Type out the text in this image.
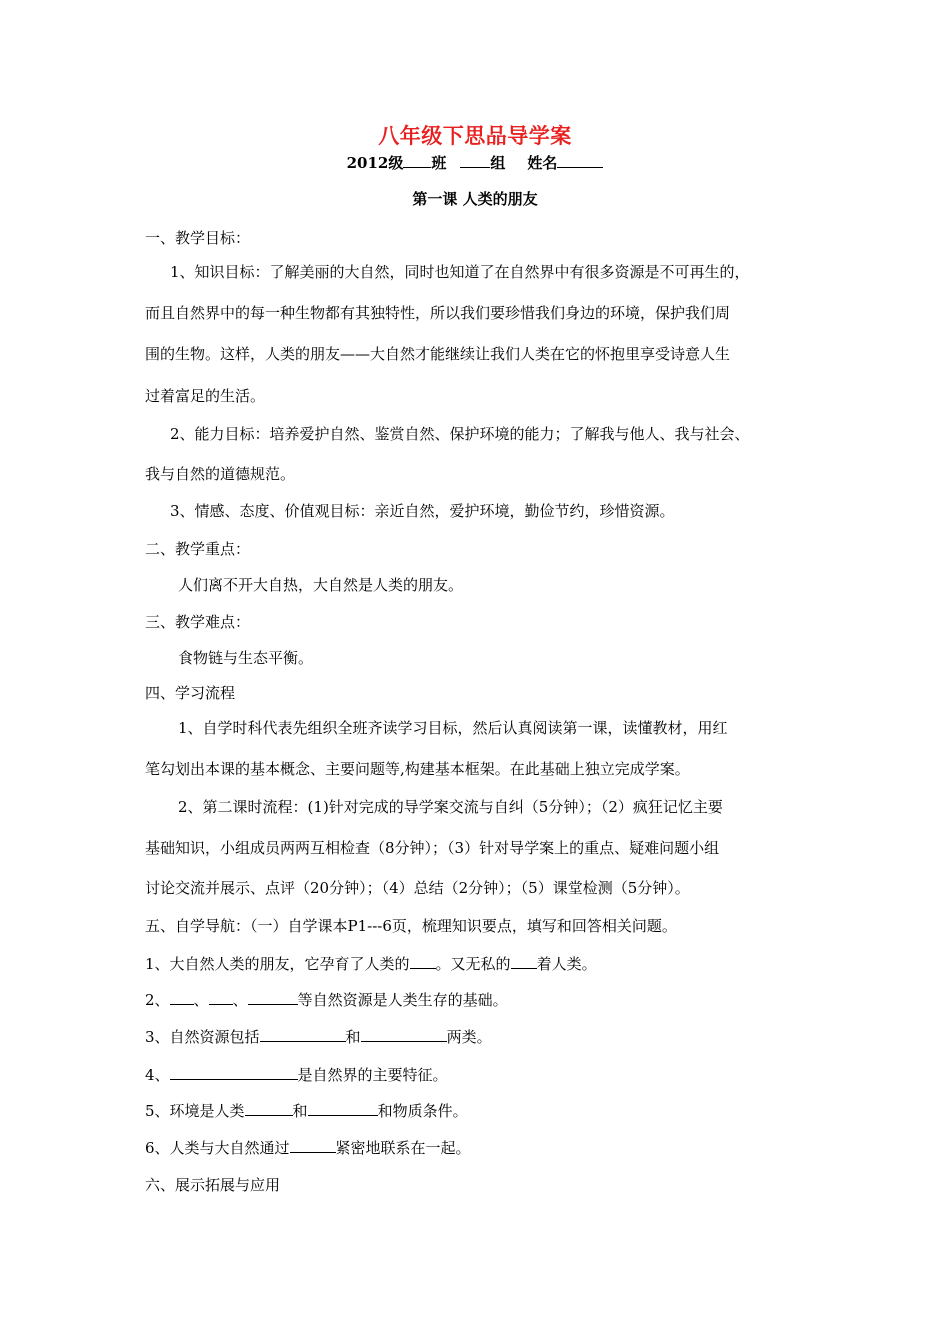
八年级下思品导学案
2012级 班	组 姓名
第一课 人类的朋友
一、教学目标：
1、知识目标：了解美丽的大自然，同时也知道了在自然界中有很多资源是不可再生的，
而且自然界中的每一种生物都有其独特性，所以我们要珍惜我们身边的环境，保护我们周
围的生物。这样，人类的朋友——大自然才能继续让我们人类在它的怀抱里享受诗意人生
过着富足的生活。
2、能力目标：培养爱护自然、鉴赏自然、保护环境的能力；了解我与他人、我与社会、
我与自然的道德规范。
3、情感、态度、价值观目标：亲近自然，爱护环境，勤俭节约，珍惜资源。
二、教学重点：
人们离不开大自热，大自然是人类的朋友。
三、教学难点：
食物链与生态平衡。
四、学习流程
1、自学时科代表先组织全班齐读学习目标，然后认真阅读第一课，读懂教材，用红
笔勾划出本课的基本概念、主要问题等,构建基本框架。在此基础上独立完成学案。
2、第二课时流程：(1)针对完成的导学案交流与自纠（5分钟）；（2）疯狂记忆主要
基础知识，小组成员两两互相检查（8分钟）；（3）针对导学案上的重点、疑难问题小组
讨论交流并展示、点评（20分钟）；（4）总结（2分钟）；（5）课堂检测（5分钟）。
五、自学导航：（一）自学课本P1---6页，梳理知识要点，填写和回答相关问题。
1、大自然人类的朋友，它孕育了人类的 。又无私的 着人类。
2、 、 、	等自然资源是人类生存的基础。
3、自然资源包括	和	两类。
4、	是自然界的主要特征。
5、环境是人类	和	和物质条件。
6、人类与大自然通过	紧密地联系在一起。
六、展示拓展与应用
